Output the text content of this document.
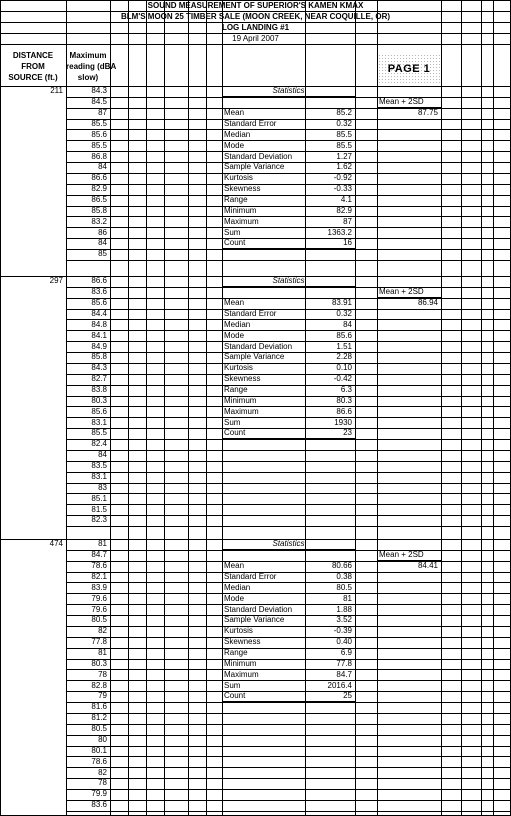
SOUND MEASUREMENT OF SUPERIOR'S KAMEN KMAX
BLM'S MOON 25 TIMBER SALE (MOON CREEK, NEAR COQUILLE, OR)
LOG LANDING #1
19 April 2007
DISTANCE
FROM
SOURCE (ft.)
Maximum
reading (dBA
slow)
PAGE 1
211	84.3
84.5
87
85.5
85.6
85.5
86.8
84
86.6
82.9
86.5
85.8
83.2
86
84
85
Statistics
Mean	85.2
Standard Error	0.32
Median	85.5
Mode	85.5
Standard Deviation	1.27
Sample Variance	1.62
Kurtosis	-0.92
Skewness	-0.33
Range	4.1
Minimum	82.9
Maximum	87
Sum	1363.2
Count	16
Mean + 2SD
87.75
297	86.6
83.6
85.6
84.4
84.8
84.1
84.9
85.8
84.3
82.7
83.8
80.3
85.6
83.1
85.5
82.4
84
83.5
83.1
83
85.1
81.5
82.3
Statistics
Mean	83.91
Standard Error	0.32
Median	84
Mode	85.6
Standard Deviation	1.51
Sample Variance	2.28
Kurtosis	0.10
Skewness	-0.42
Range	6.3
Minimum	80.3
Maximum	86.6
Sum	1930
Count	23
Mean + 2SD
86.94
474	81
84.7
78.6
82.1
83.9
79.6
79.6
80.5
82
77.8
81
80.3
78
82.8
79
81.6
81.2
80.5
80
80.1
78.6
82
78
79.9
83.6
Statistics
Mean	80.66
Standard Error	0.38
Median	80.5
Mode	81
Standard Deviation	1.88
Sample Variance	3.52
Kurtosis	-0.39
Skewness	0.40
Range	6.9
Minimum	77.8
Maximum	84.7
Sum	2016.4
Count	25
Mean + 2SD
84.41
